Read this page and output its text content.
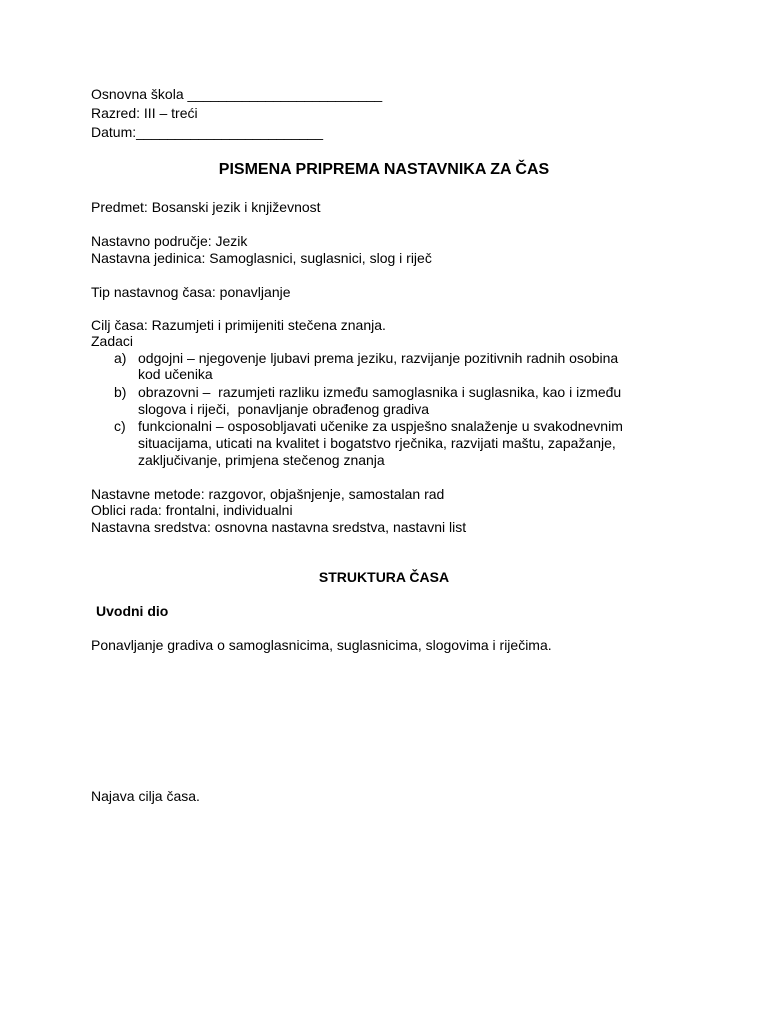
Osnovna škola _________________________
Razred: III – treći
Datum:________________________
PISMENA PRIPREMA NASTAVNIKA ZA ČAS
Predmet: Bosanski jezik i književnost
Nastavno područje: Jezik
Nastavna jedinica: Samoglasnici, suglasnici, slog i riječ
Tip nastavnog časa: ponavljanje
Cilj časa: Razumjeti i primijeniti stečena znanja.
Zadaci
a) odgojni – njegovenje ljubavi prema jeziku, razvijanje pozitivnih radnih osobina
kod učenika
b) obrazovni –  razumjeti razliku između samoglasnika i suglasnika, kao i između
slogova i riječi,  ponavljanje obrađenog gradiva
c) funkcionalni – osposobljavati učenike za uspješno snalaženje u svakodnevnim
situacijama, uticati na kvalitet i bogatstvo rječnika, razvijati maštu, zapažanje,
zaključivanje, primjena stečenog znanja
Nastavne metode: razgovor, objašnjenje, samostalan rad
Oblici rada: frontalni, individualni
Nastavna sredstva: osnovna nastavna sredstva, nastavni list
STRUKTURA ČASA
Uvodni dio
Ponavljanje gradiva o samoglasnicima, suglasnicima, slogovima i riječima.
Najava cilja časa.
